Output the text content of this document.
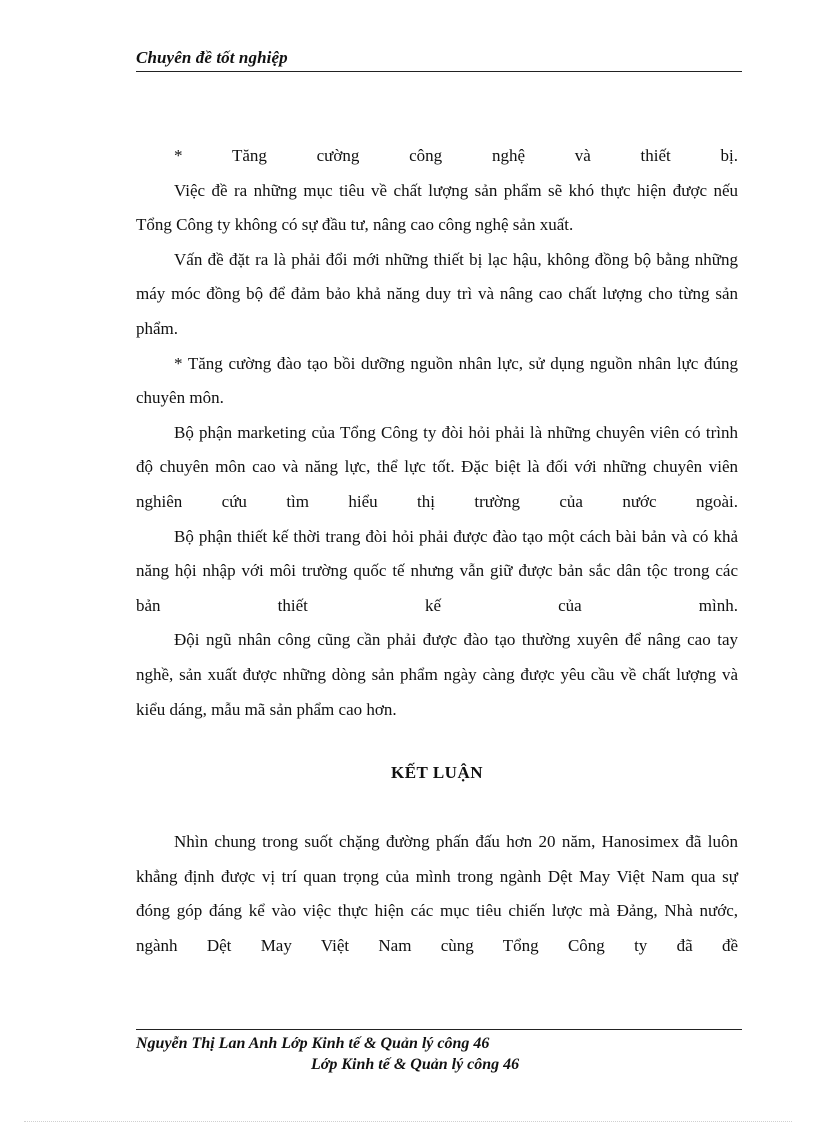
Chuyên đề tốt nghiệp

* Tăng cường công nghệ và thiết bị.

Việc đề ra những mục tiêu về chất lượng sản phẩm sẽ khó thực hiện được nếu Tổng Công ty không có sự đầu tư, nâng cao công nghệ sản xuất.

Vấn đề đặt ra là phải đổi mới những thiết bị lạc hậu, không đồng bộ bằng những máy móc đồng bộ để đảm bảo khả năng duy trì và nâng cao chất lượng cho từng sản phẩm.

* Tăng cường đào tạo bồi dưỡng nguồn nhân lực, sử dụng nguồn nhân lực đúng chuyên môn.

Bộ phận marketing của Tổng Công ty đòi hỏi phải là những chuyên viên có trình độ chuyên môn cao và năng lực, thể lực tốt. Đặc biệt là đối với những chuyên viên nghiên cứu tìm hiểu thị trường của nước ngoài.

Bộ phận thiết kế thời trang đòi hỏi phải được đào tạo một cách bài bản và có khả năng hội nhập với môi trường quốc tế nhưng vẫn giữ được bản sắc dân tộc trong các bản thiết kế của mình.

Đội ngũ nhân công cũng cần phải được đào tạo thường xuyên để nâng cao tay nghề, sản xuất được những dòng sản phẩm ngày càng được yêu cầu về chất lượng và kiểu dáng, mẫu mã sản phẩm cao hơn.

KẾT LUẬN

Nhìn chung trong suốt chặng đường phấn đấu hơn 20 năm, Hanosimex đã luôn khẳng định được vị trí quan trọng của mình trong ngành Dệt May Việt Nam qua sự đóng góp đáng kể vào việc thực hiện các mục tiêu chiến lược mà Đảng, Nhà nước, ngành Dệt May Việt Nam cùng Tổng Công ty đã đề

Nguyễn Thị Lan Anh Lớp Kinh tế & Quản lý công 46
Lớp Kinh tế & Quản lý công 46
